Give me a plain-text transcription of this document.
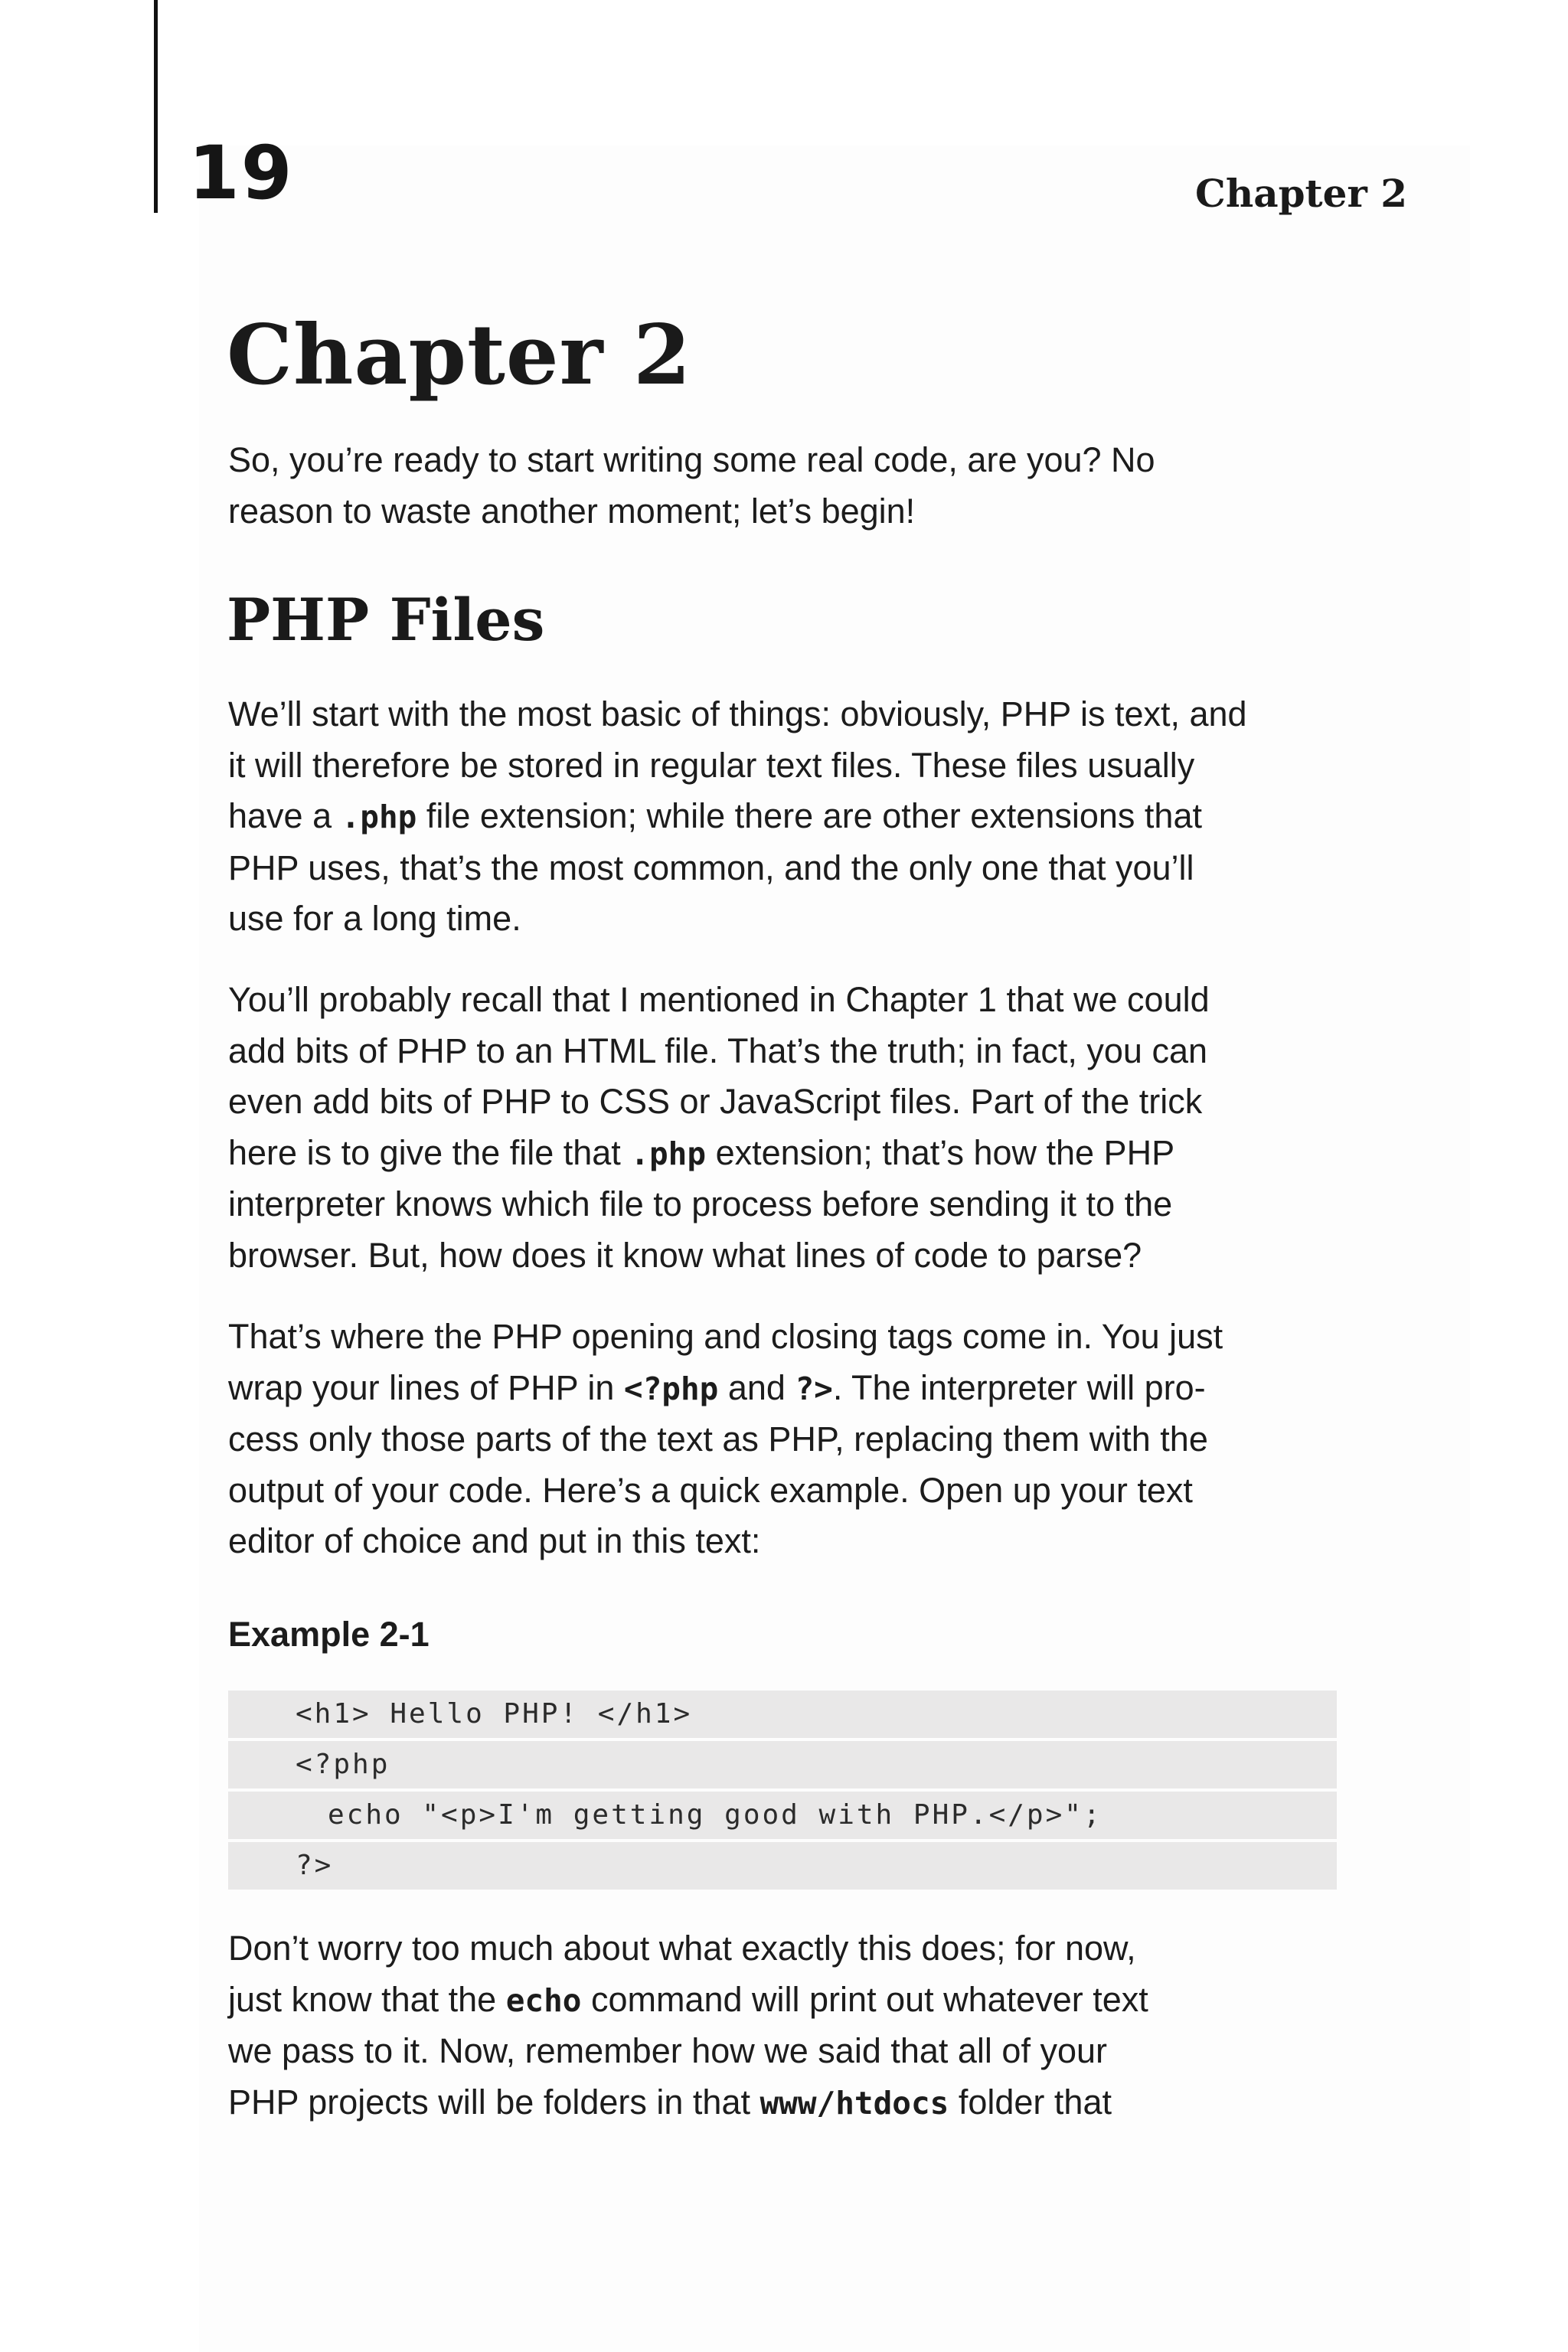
19	Chapter 2
Chapter 2

So, you’re ready to start writing some real code, are you? No
reason to waste another moment; let’s begin!

PHP Files

We’ll start with the most basic of things: obviously, PHP is text, and
it will therefore be stored in regular text files. These files usually
have a .php file extension; while there are other extensions that
PHP uses, that’s the most common, and the only one that you’ll
use for a long time.

You’ll probably recall that I mentioned in Chapter 1 that we could
add bits of PHP to an HTML file. That’s the truth; in fact, you can
even add bits of PHP to CSS or JavaScript files. Part of the trick
here is to give the file that .php extension; that’s how the PHP
interpreter knows which file to process before sending it to the
browser. But, how does it know what lines of code to parse?

That’s where the PHP opening and closing tags come in. You just
wrap your lines of PHP in <?php and ?>. The interpreter will pro-
cess only those parts of the text as PHP, replacing them with the
output of your code. Here’s a quick example. Open up your text
editor of choice and put in this text:

Example 2-1
<h1> Hello PHP! </h1>
<?php
echo "<p>I'm getting good with PHP.</p>";
?>

Don’t worry too much about what exactly this does; for now,
just know that the echo command will print out whatever text
we pass to it. Now, remember how we said that all of your
PHP projects will be folders in that www/htdocs folder that
